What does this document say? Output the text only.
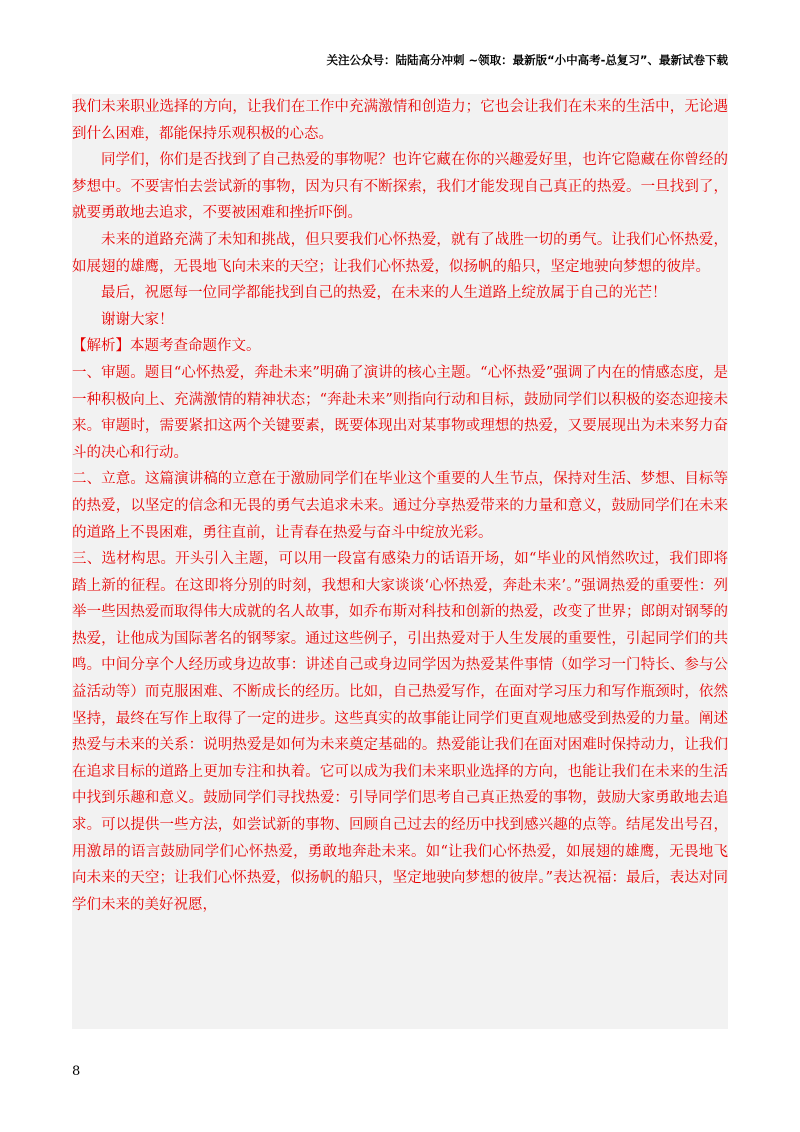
关注公众号：陆陆高分冲刺 ~领取：最新版“小中高考-总复习”、最新试卷下载

我们未来职业选择的方向，让我们在工作中充满激情和创造力；它也会让我们在未来的生活中，无论遇到什么困难，都能保持乐观积极的心态。

同学们，你们是否找到了自己热爱的事物呢？也许它藏在你的兴趣爱好里，也许它隐藏在你曾经的梦想中。不要害怕去尝试新的事物，因为只有不断探索，我们才能发现自己真正的热爱。一旦找到了，就要勇敢地去追求，不要被困难和挫折吓倒。

未来的道路充满了未知和挑战，但只要我们心怀热爱，就有了战胜一切的勇气。让我们心怀热爱，如展翅的雄鹰，无畏地飞向未来的天空；让我们心怀热爱，似扬帆的船只，坚定地驶向梦想的彼岸。

最后，祝愿每一位同学都能找到自己的热爱，在未来的人生道路上绽放属于自己的光芒！

谢谢大家！

【解析】本题考查命题作文。

一、审题。题目“心怀热爱，奔赴未来”明确了演讲的核心主题。“心怀热爱”强调了内在的情感态度，是一种积极向上、充满激情的精神状态；“奔赴未来”则指向行动和目标，鼓励同学们以积极的姿态迎接未来。审题时，需要紧扣这两个关键要素，既要体现出对某事物或理想的热爱，又要展现出为未来努力奋斗的决心和行动。

二、立意。这篇演讲稿的立意在于激励同学们在毕业这个重要的人生节点，保持对生活、梦想、目标等的热爱，以坚定的信念和无畏的勇气去追求未来。通过分享热爱带来的力量和意义，鼓励同学们在未来的道路上不畏困难，勇往直前，让青春在热爱与奋斗中绽放光彩。

三、选材构思。开头引入主题，可以用一段富有感染力的话语开场，如“毕业的风悄然吹过，我们即将踏上新的征程。在这即将分别的时刻，我想和大家谈谈‘心怀热爱，奔赴未来’。”强调热爱的重要性：列举一些因热爱而取得伟大成就的名人故事，如乔布斯对科技和创新的热爱，改变了世界；郎朗对钢琴的热爱，让他成为国际著名的钢琴家。通过这些例子，引出热爱对于人生发展的重要性，引起同学们的共鸣。中间分享个人经历或身边故事：讲述自己或身边同学因为热爱某件事情（如学习一门特长、参与公益活动等）而克服困难、不断成长的经历。比如，自己热爱写作，在面对学习压力和写作瓶颈时，依然坚持，最终在写作上取得了一定的进步。这些真实的故事能让同学们更直观地感受到热爱的力量。阐述热爱与未来的关系：说明热爱是如何为未来奠定基础的。热爱能让我们在面对困难时保持动力，让我们在追求目标的道路上更加专注和执着。它可以成为我们未来职业选择的方向，也能让我们在未来的生活中找到乐趣和意义。鼓励同学们寻找热爱：引导同学们思考自己真正热爱的事物，鼓励大家勇敢地去追求。可以提供一些方法，如尝试新的事物、回顾自己过去的经历中找到感兴趣的点等。结尾发出号召，用激昂的语言鼓励同学们心怀热爱，勇敢地奔赴未来。如“让我们心怀热爱，如展翅的雄鹰，无畏地飞向未来的天空；让我们心怀热爱，似扬帆的船只，坚定地驶向梦想的彼岸。”表达祝福：最后，表达对同学们未来的美好祝愿，

8
